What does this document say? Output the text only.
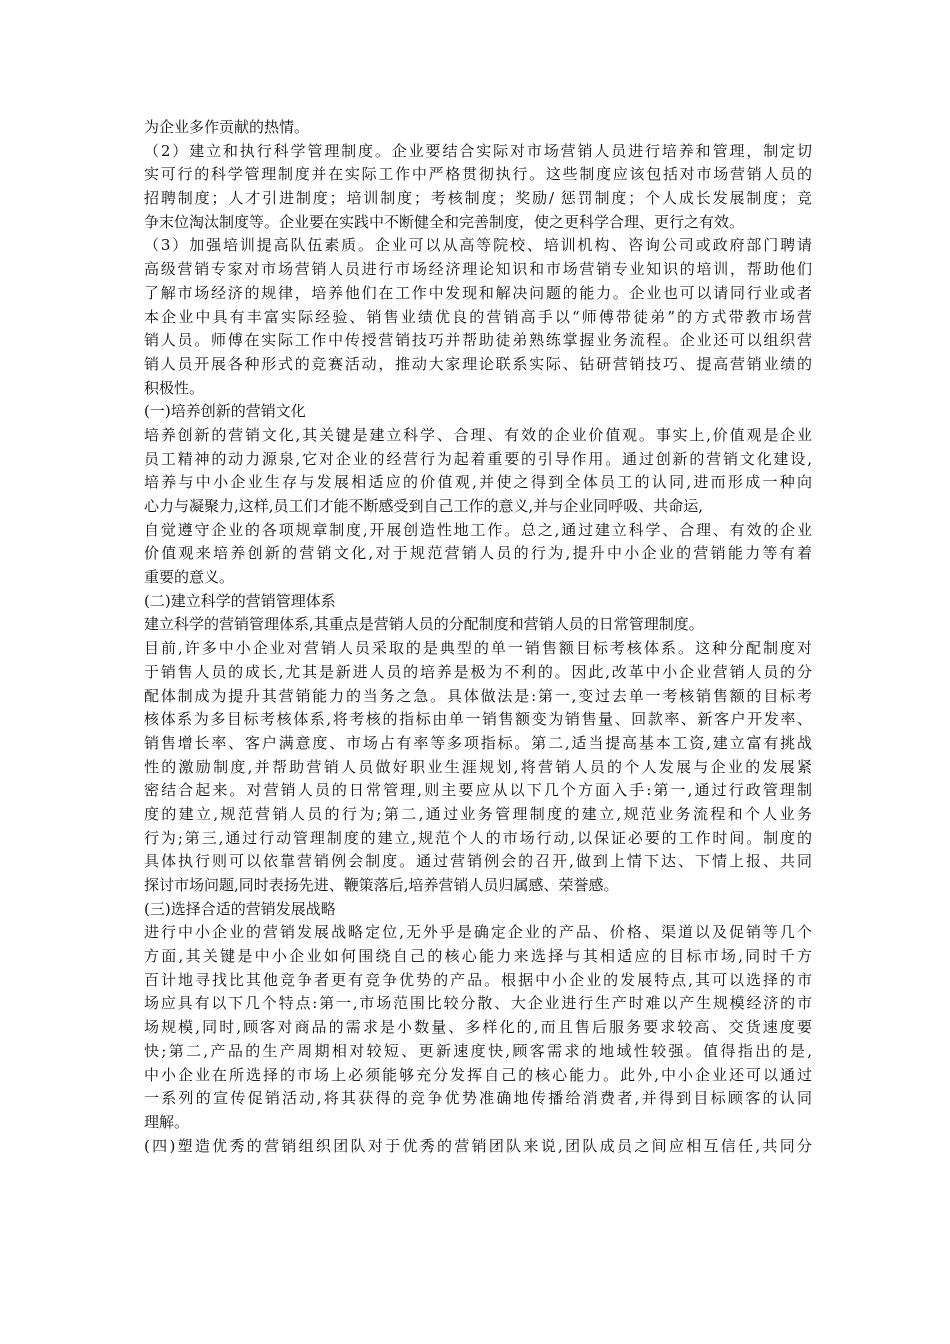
为企业多作贡献的热情。
（2）建立和执行科学管理制度。企业要结合实际对市场营销人员进行培养和管理，制定切
实可行的科学管理制度并在实际工作中严格贯彻执行。这些制度应该包括对市场营销人员的
招聘制度；人才引进制度；培训制度；考核制度；奖励/ 惩罚制度；个人成长发展制度；竞
争末位淘汰制度等。企业要在实践中不断健全和完善制度，使之更科学合理、更行之有效。
（3）加强培训提高队伍素质。企业可以从高等院校、培训机构、咨询公司或政府部门聘请
高级营销专家对市场营销人员进行市场经济理论知识和市场营销专业知识的培训，帮助他们
了解市场经济的规律，培养他们在工作中发现和解决问题的能力。企业也可以请同行业或者
本企业中具有丰富实际经验、销售业绩优良的营销高手以“师傅带徒弟”的方式带教市场营
销人员。师傅在实际工作中传授营销技巧并帮助徒弟熟练掌握业务流程。企业还可以组织营
销人员开展各种形式的竞赛活动，推动大家理论联系实际、钻研营销技巧、提高营销业绩的
积极性。
(一)培养创新的营销文化
培养创新的营销文化,其关键是建立科学、合理、有效的企业价值观。事实上,价值观是企业
员工精神的动力源泉,它对企业的经营行为起着重要的引导作用。通过创新的营销文化建设,
培养与中小企业生存与发展相适应的价值观,并使之得到全体员工的认同,进而形成一种向
心力与凝聚力,这样,员工们才能不断感受到自己工作的意义,并与企业同呼吸、共命运,
自觉遵守企业的各项规章制度,开展创造性地工作。总之,通过建立科学、合理、有效的企业
价值观来培养创新的营销文化,对于规范营销人员的行为,提升中小企业的营销能力等有着
重要的意义。
(二)建立科学的营销管理体系
建立科学的营销管理体系,其重点是营销人员的分配制度和营销人员的日常管理制度。
目前,许多中小企业对营销人员采取的是典型的单一销售额目标考核体系。这种分配制度对
于销售人员的成长,尤其是新进人员的培养是极为不利的。因此,改革中小企业营销人员的分
配体制成为提升其营销能力的当务之急。具体做法是:第一,变过去单一考核销售额的目标考
核体系为多目标考核体系,将考核的指标由单一销售额变为销售量、回款率、新客户开发率、
销售增长率、客户满意度、市场占有率等多项指标。第二,适当提高基本工资,建立富有挑战
性的激励制度,并帮助营销人员做好职业生涯规划,将营销人员的个人发展与企业的发展紧
密结合起来。对营销人员的日常管理,则主要应从以下几个方面入手:第一,通过行政管理制
度的建立,规范营销人员的行为;第二,通过业务管理制度的建立,规范业务流程和个人业务
行为;第三,通过行动管理制度的建立,规范个人的市场行动,以保证必要的工作时间。制度的
具体执行则可以依靠营销例会制度。通过营销例会的召开,做到上情下达、下情上报、共同
探讨市场问题,同时表扬先进、鞭策落后,培养营销人员归属感、荣誉感。
(三)选择合适的营销发展战略
进行中小企业的营销发展战略定位,无外乎是确定企业的产品、价格、渠道以及促销等几个
方面,其关键是中小企业如何围绕自己的核心能力来选择与其相适应的目标市场,同时千方
百计地寻找比其他竞争者更有竞争优势的产品。根据中小企业的发展特点,其可以选择的市
场应具有以下几个特点:第一,市场范围比较分散、大企业进行生产时难以产生规模经济的市
场规模,同时,顾客对商品的需求是小数量、多样化的,而且售后服务要求较高、交货速度要
快;第二,产品的生产周期相对较短、更新速度快,顾客需求的地域性较强。值得指出的是,
中小企业在所选择的市场上必须能够充分发挥自己的核心能力。此外,中小企业还可以通过
一系列的宣传促销活动,将其获得的竞争优势准确地传播给消费者,并得到目标顾客的认同
理解。
(四)塑造优秀的营销组织团队对于优秀的营销团队来说,团队成员之间应相互信任,共同分
